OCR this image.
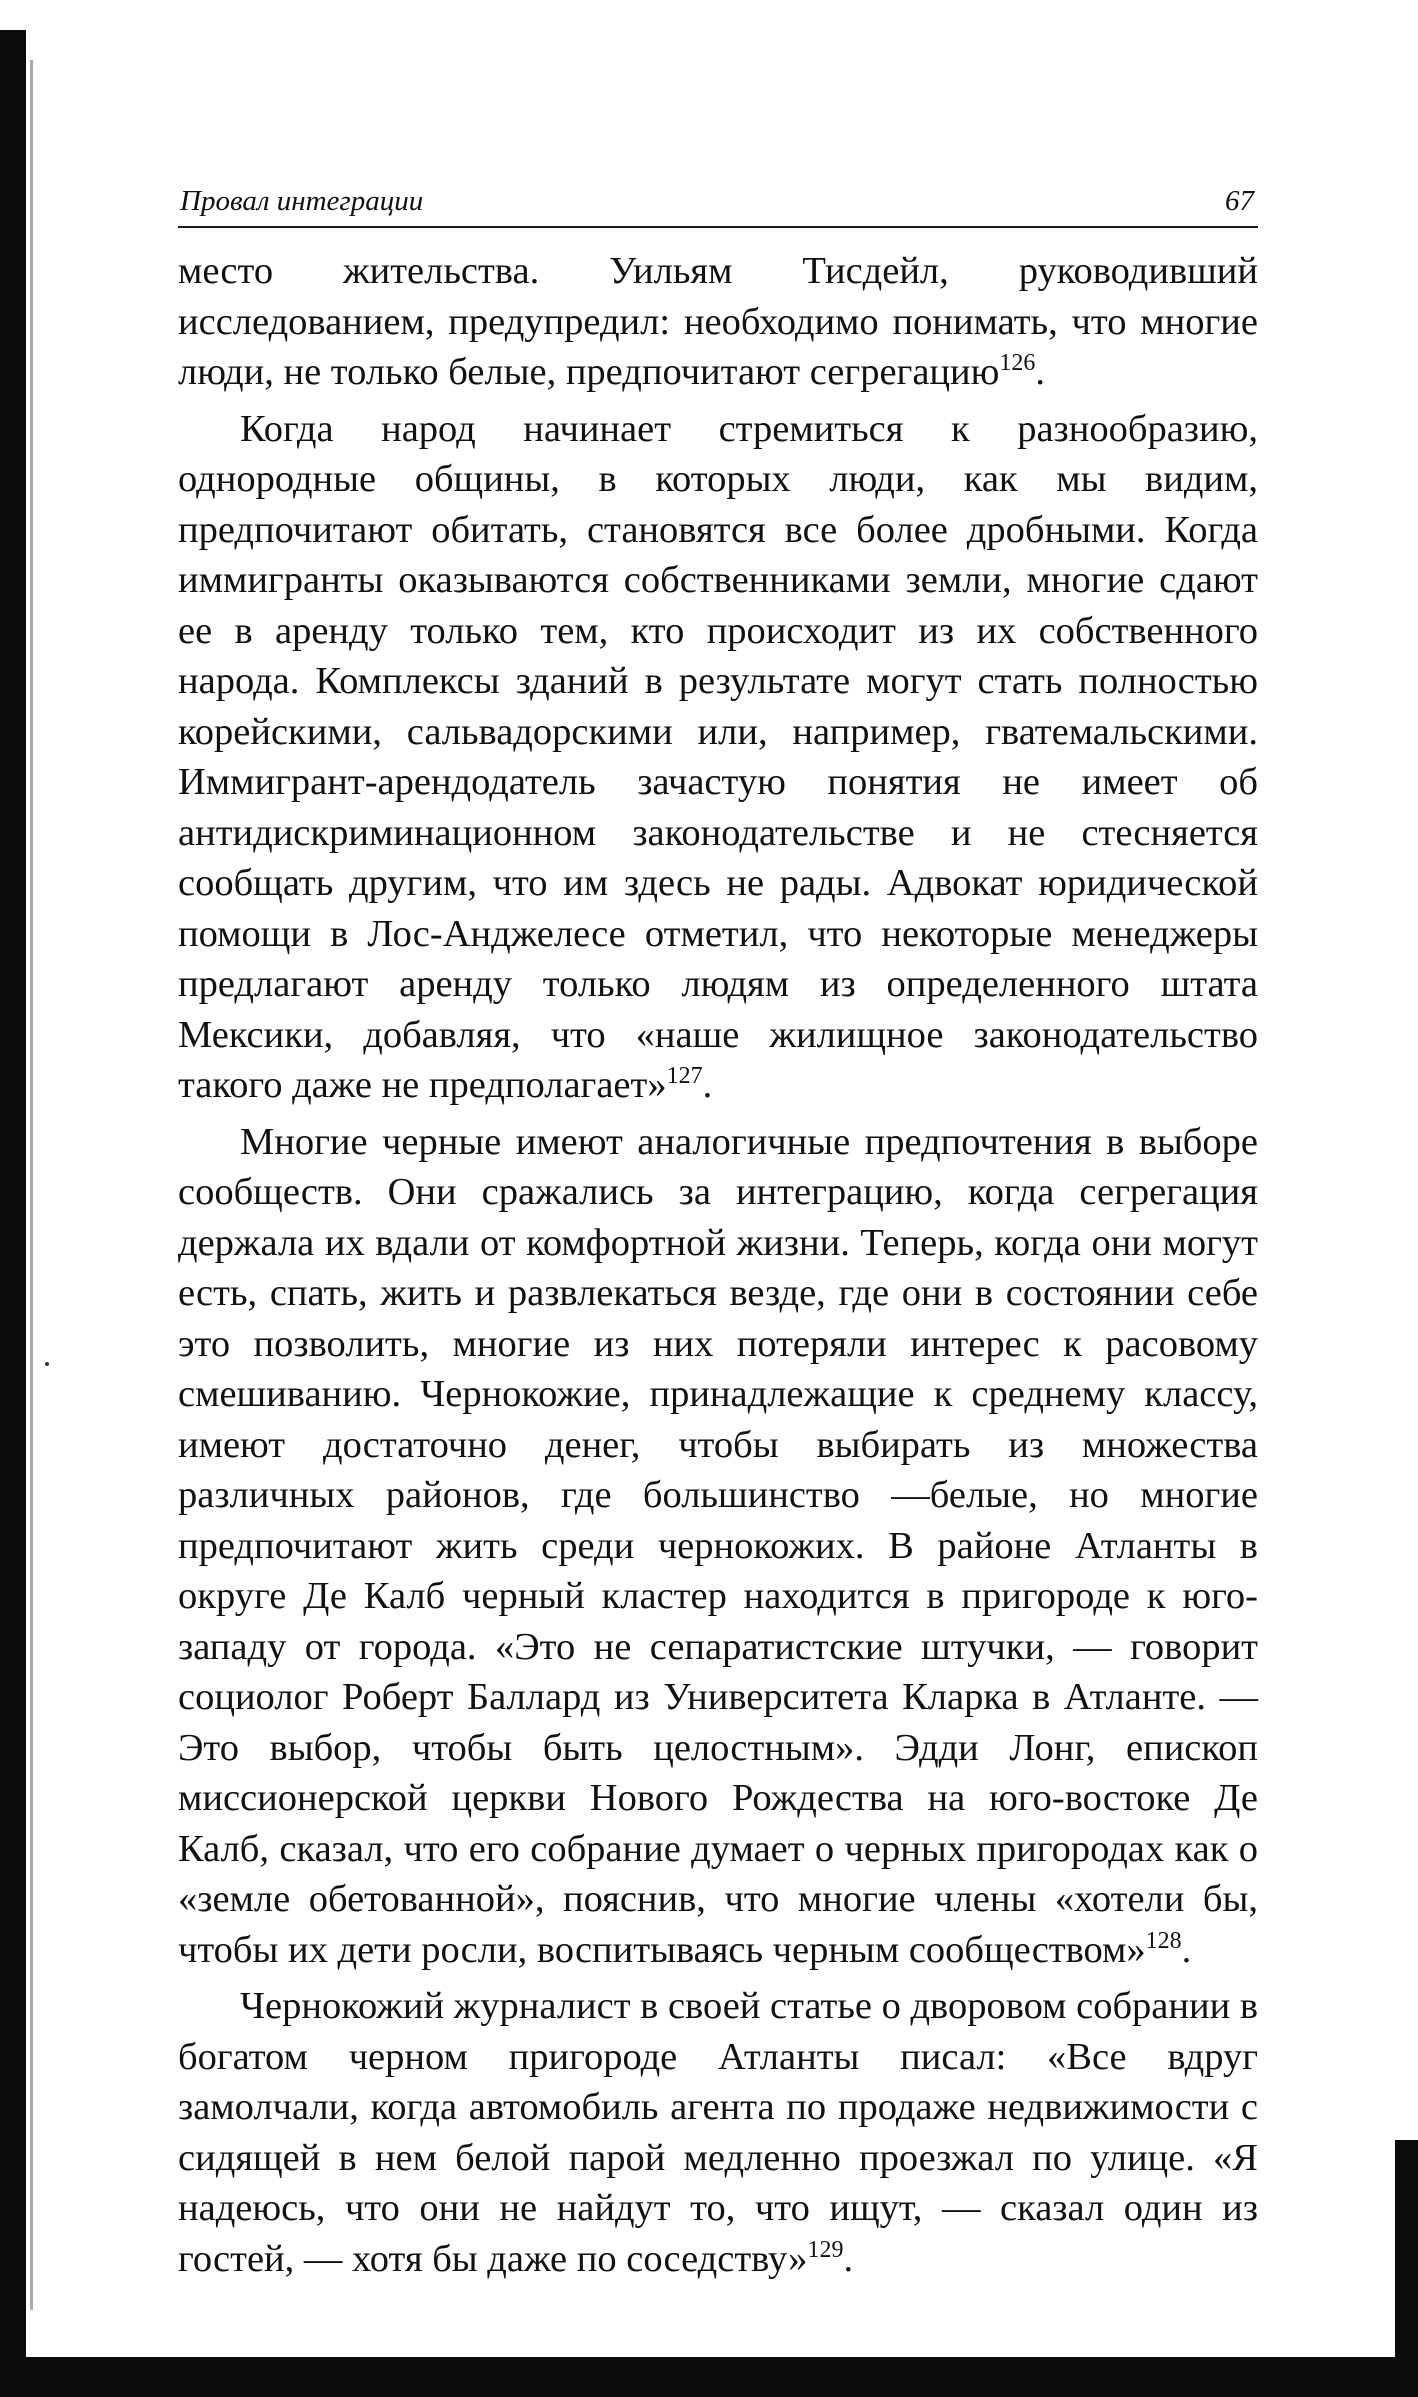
Провал интеграции	67

место жительства. Уильям Тисдейл, руководивший исследованием, предупредил: необходимо понимать, что многие люди, не только белые, предпочитают сегрегацию$^{126}$.

Когда народ начинает стремиться к разнообразию, однородные общины, в которых люди, как мы видим, предпочитают обитать, становятся все более дробными. Когда иммигранты оказываются собственниками земли, многие сдают ее в аренду только тем, кто происходит из их собственного народа. Комплексы зданий в результате могут стать полностью корейскими, сальвадорскими или, например, гватемальскими. Иммигрант-арендодатель зачастую понятия не имеет об антидискриминационном законодательстве и не стесняется сообщать другим, что им здесь не рады. Адвокат юридической помощи в Лос-Анджелесе отметил, что некоторые менеджеры предлагают аренду только людям из определенного штата Мексики, добавляя, что «наше жилищное законодательство такого даже не предполагает»$^{127}$.

Многие черные имеют аналогичные предпочтения в выборе сообществ. Они сражались за интеграцию, когда сегрегация держала их вдали от комфортной жизни. Теперь, когда они могут есть, спать, жить и развлекаться везде, где они в состоянии себе это позволить, многие из них потеряли интерес к расовому смешиванию. Чернокожие, принадлежащие к среднему классу, имеют достаточно денег, чтобы выбирать из множества различных районов, где большинство —белые, но многие предпочитают жить среди чернокожих. В районе Атланты в округе Де Калб черный кластер находится в пригороде к юго-западу от города. «Это не сепаратистские штучки, — говорит социолог Роберт Баллард из Университета Кларка в Атланте. — Это выбор, чтобы быть целостным». Эдди Лонг, епископ миссионерской церкви Нового Рождества на юго-востоке Де Калб, сказал, что его собрание думает о черных пригородах как о «земле обетованной», пояснив, что многие члены «хотели бы, чтобы их дети росли, воспитываясь черным сообществом»$^{128}$.

Чернокожий журналист в своей статье о дворовом собрании в богатом черном пригороде Атланты писал: «Все вдруг замолчали, когда автомобиль агента по продаже недвижимости с сидящей в нем белой парой медленно проезжал по улице. «Я надеюсь, что они не найдут то, что ищут, — сказал один из гостей, — хотя бы даже по соседству»$^{129}$.
